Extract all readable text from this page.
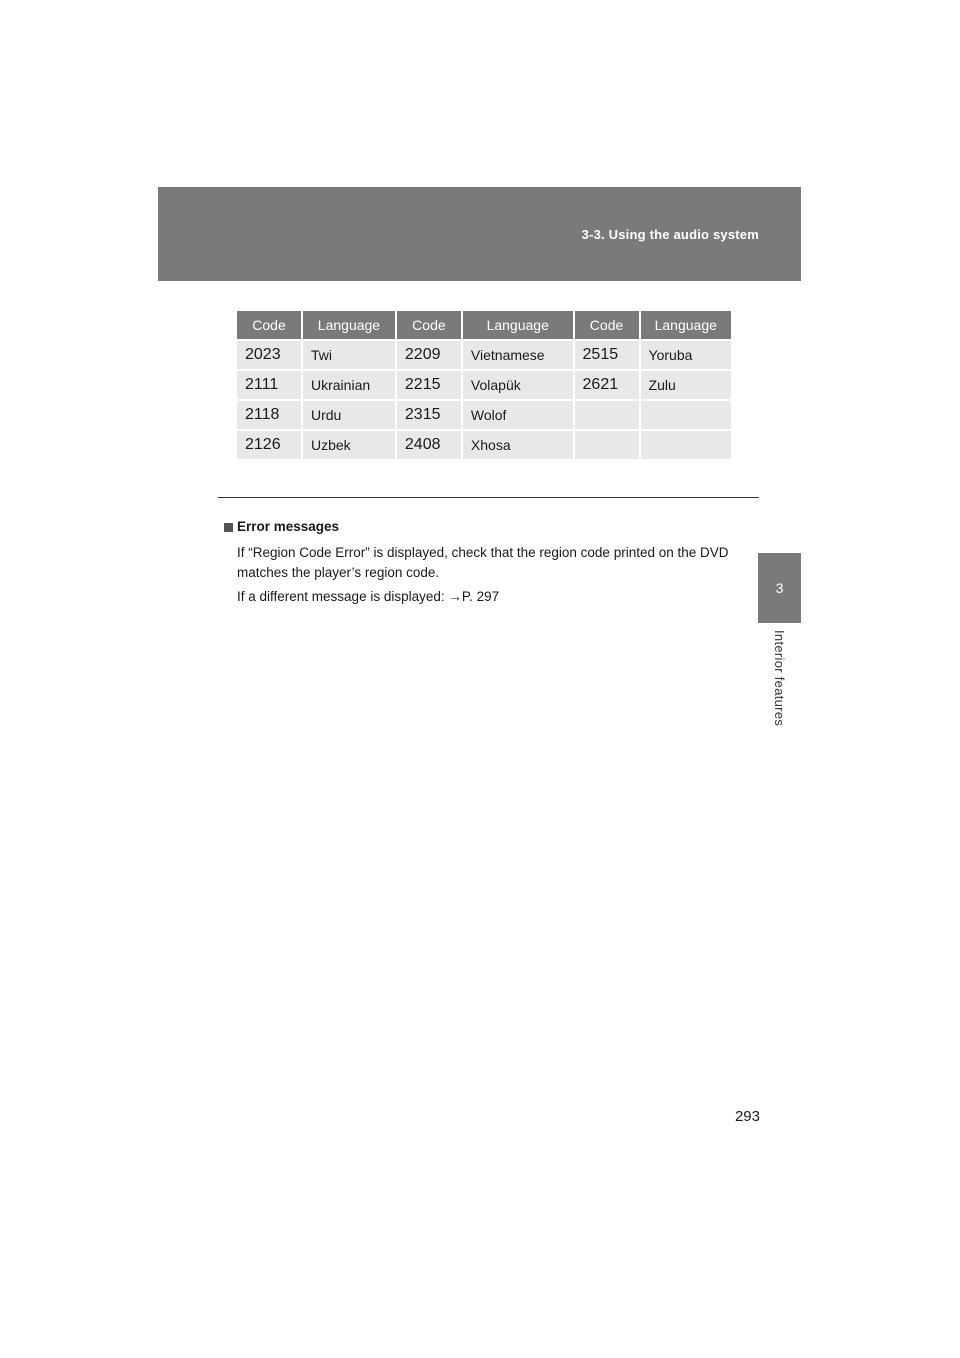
3-3. Using the audio system
3
Interior features
Code	Language	Code	Language	Code	Language
2023	Twi	2209	Vietnamese	2515	Yoruba
2111	Ukrainian	2215	Volapük	2621	Zulu
2118	Urdu	2315	Wolof		
2126	Uzbek	2408	Xhosa		
Error messages

If “Region Code Error” is displayed, check that the region code printed on the DVD matches the player’s region code.

If a different message is displayed: →P. 297

293
